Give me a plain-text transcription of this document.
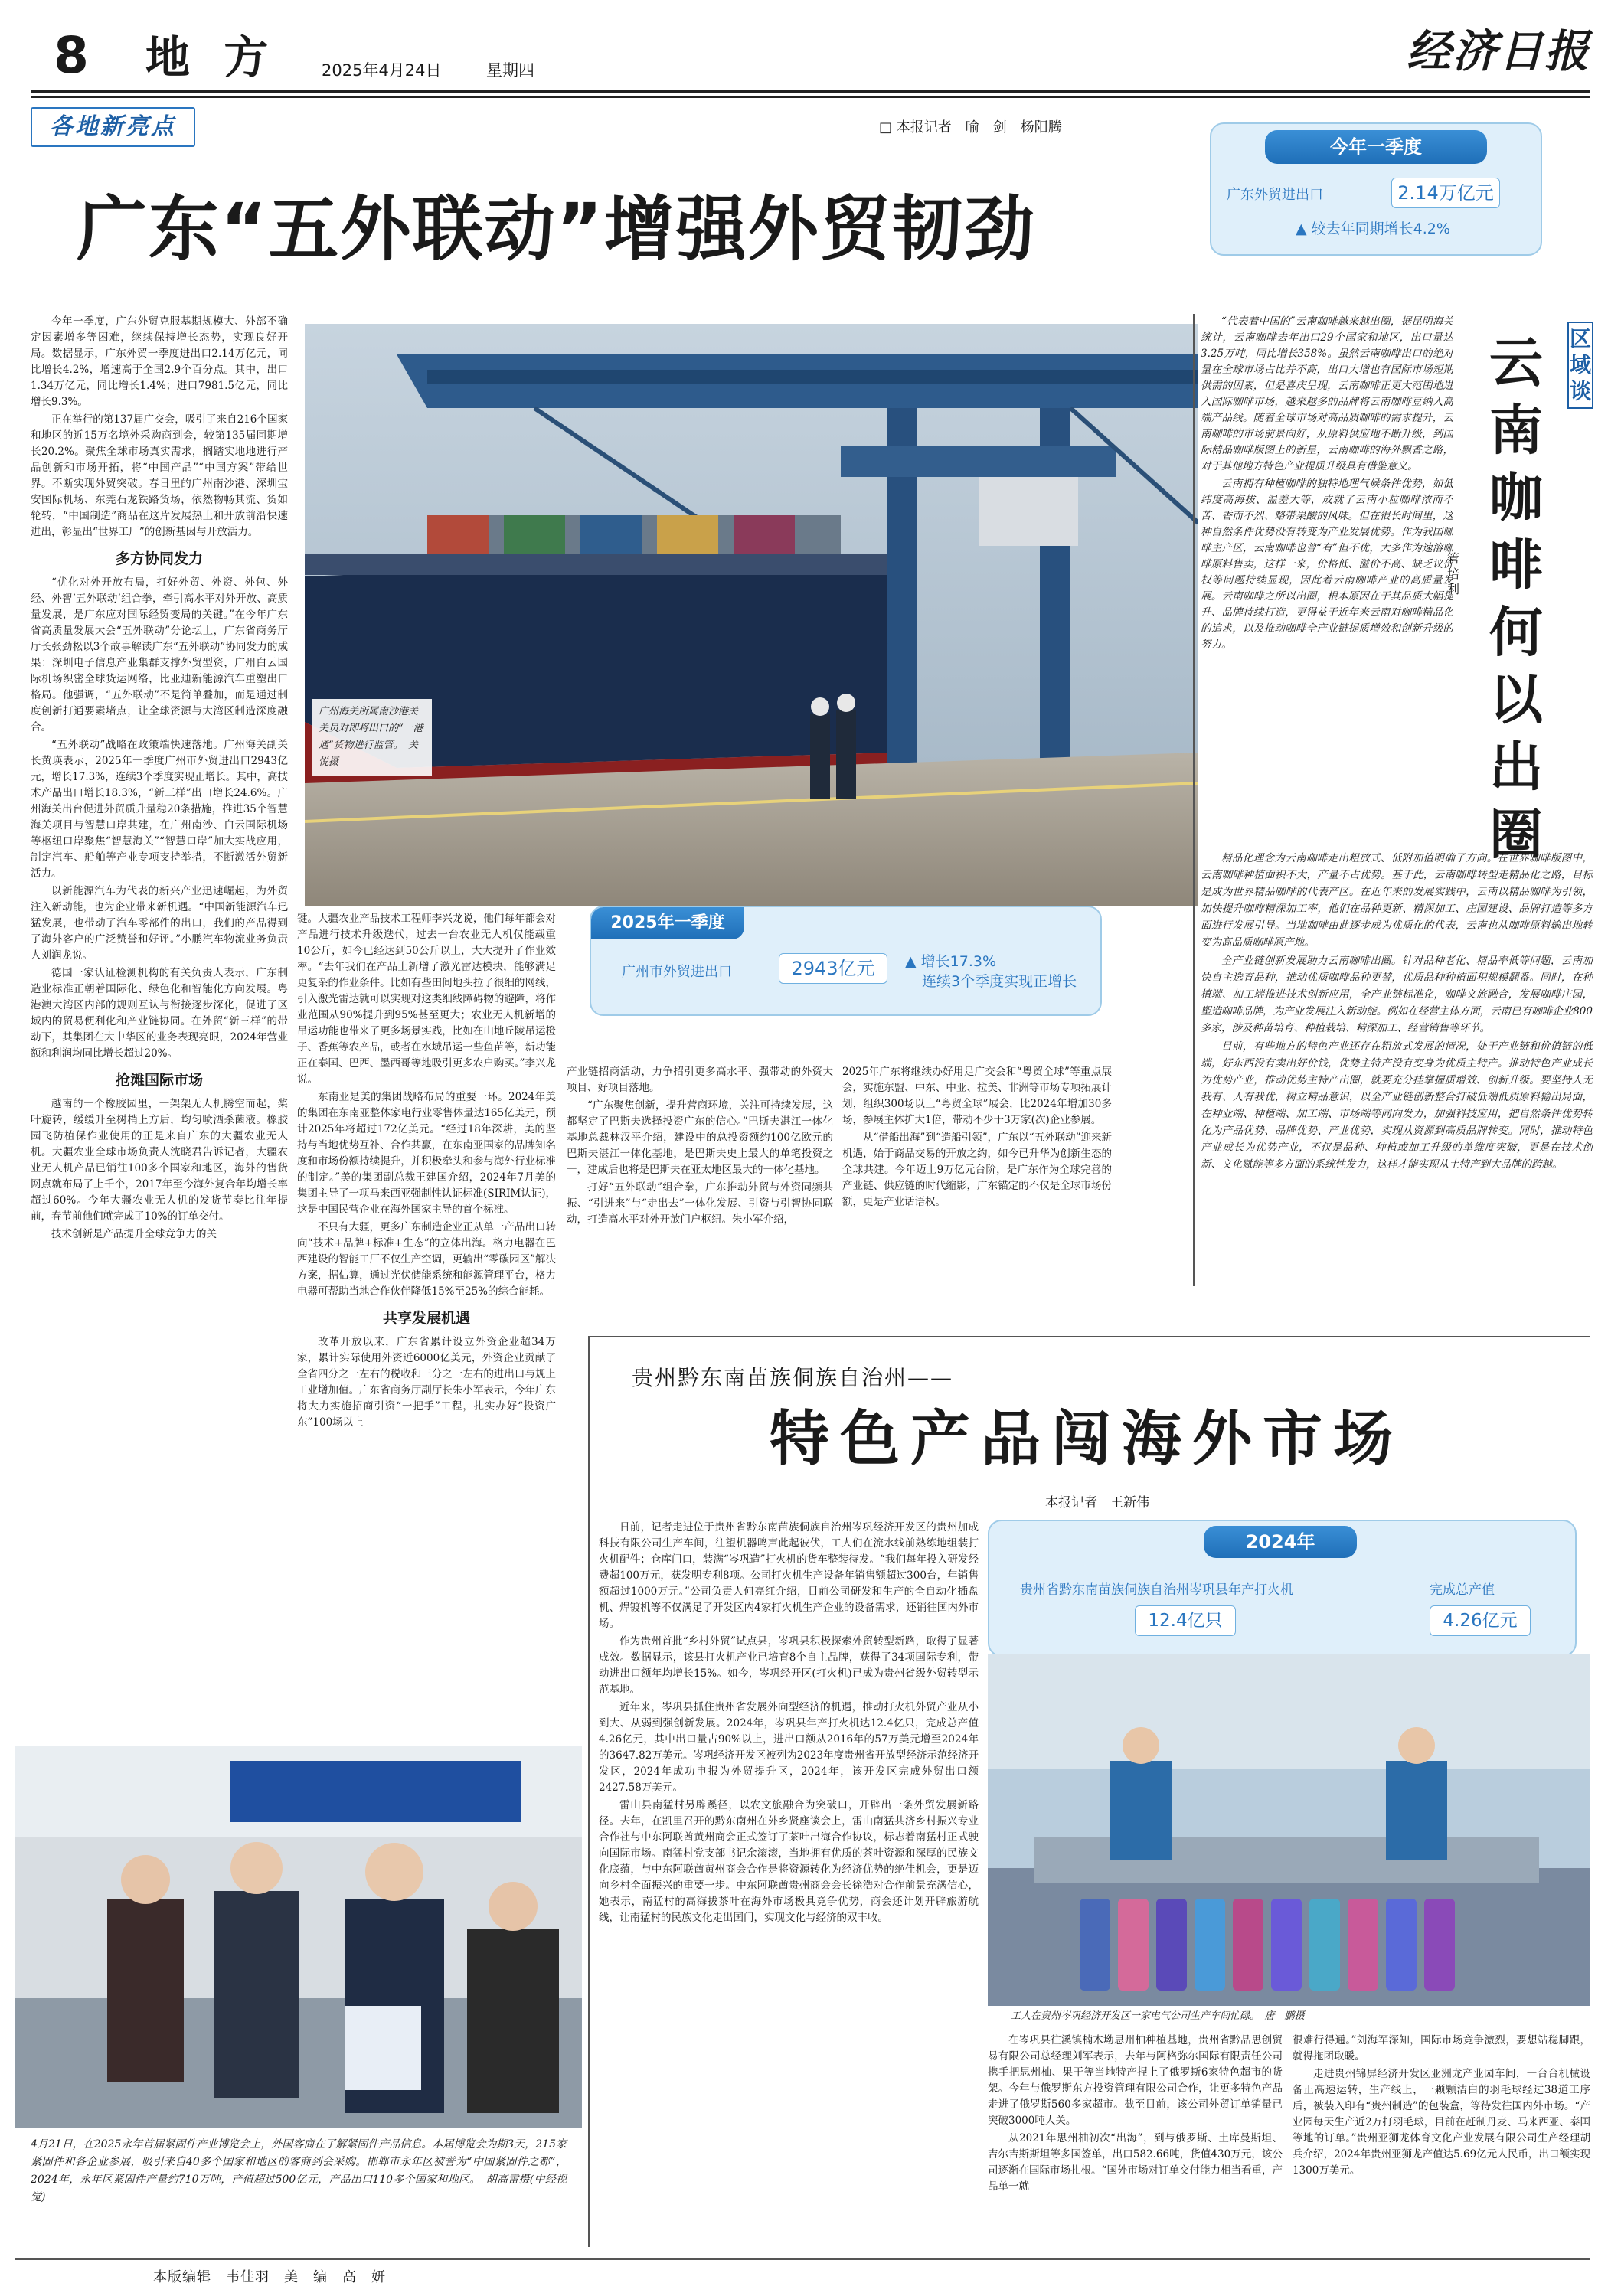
8 地 方	2025年4月24日	星期四	经济日报
各地新亮点	□ 本报记者　喻　剑　杨阳腾
广东“五外联动”增强外贸韧劲
今年一季度
广东外贸进出口	2.14万亿元
▲ 较去年同期增长4.2%
广州海关所属南沙港关关员对即将出口的“一港通”货物进行监管。　关　悦摄
2025年一季度
广州市外贸进出口	2943亿元	▲ 增长17.3%
连续3个季度实现正增长

今年一季度，广东外贸克服基期规模大、外部不确定因素增多等困难，继续保持增长态势，实现良好开局。数据显示，广东外贸一季度进出口2.14万亿元，同比增长4.2%，增速高于全国2.9个百分点。其中，出口1.34万亿元，同比增长1.4%；进口7981.5亿元，同比增长9.3%。

正在举行的第137届广交会，吸引了来自216个国家和地区的近15万名境外采购商到会，较第135届同期增长20.2%。聚焦全球市场真实需求，搁踏实地地进行产品创新和市场开拓，将“中国产品”“中国方案”带给世界。不断实现外贸突破。春日里的广州南沙港、深圳宝安国际机场、东莞石龙铁路货场，依然物畅其流、货如轮转，“中国制造”商品在这片发展热土和开放前沿快速进出，彰显出“世界工厂”的创新基因与开放活力。

多方协同发力

“优化对外开放布局，打好外贸、外资、外包、外经、外智‘五外联动’组合拳，牵引高水平对外开放、高质量发展，是广东应对国际经贸变局的关键。”在今年广东省高质量发展大会“五外联动”分论坛上，广东省商务厅厅长张劲松以3个故事解读广东“五外联动”协同发力的成果：深圳电子信息产业集群支撑外贸型资，广州白云国际机场织密全球货运网络，比亚迪新能源汽车重塑出口格局。他强调，“五外联动”不是简单叠加，而是通过制度创新打通要素堵点，让全球资源与大湾区制造深度融合。

“五外联动”战略在政策端快速落地。广州海关副关长黄瑛表示，2025年一季度广州市外贸进出口2943亿元，增长17.3%，连续3个季度实现正增长。其中，高技术产品出口增长18.3%，“新三样”出口增长24.6%。广州海关出台促进外贸质升量稳20条措施，推进35个智慧海关项目与智慧口岸共建，在广州南沙、白云国际机场等枢纽口岸聚焦“智慧海关”“智慧口岸”加大实战应用，制定汽车、船舶等产业专项支持举措，不断激活外贸新活力。

以新能源汽车为代表的新兴产业迅速崛起，为外贸注入新动能，也为企业带来新机遇。“中国新能源汽车迅猛发展，也带动了汽车零部件的出口，我们的产品得到了海外客户的广泛赞誉和好评。”小鹏汽车物流业务负责人刘润龙说。

德国一家认证检测机构的有关负责人表示，广东制造业标准正朝着国际化、绿色化和智能化方向发展。粤港澳大湾区内部的规则互认与衔接逐步深化，促进了区域内的贸易便利化和产业链协同。在外贸“新三样”的带动下，其集团在大中华区的业务表现亮眼，2024年营业额和利润均同比增长超过20%。

抢滩国际市场

越南的一个橡胶园里，一架架无人机腾空而起，桨叶旋转，缓缓升至树梢上方后，均匀喷洒杀菌液。橡胶园飞防植保作业使用的正是来自广东的大疆农业无人机。大疆农业全球市场负责人沈晓君告诉记者，大疆农业无人机产品已销往100多个国家和地区，海外的售货网点就布局了上千个，2017年至今海外复合年均增长率超过60%。今年大疆农业无人机的发货节奏比往年提前，春节前他们就完成了10%的订单交付。

技术创新是产品提升全球竞争力的关

键。大疆农业产品技术工程师李兴龙说，他们每年都会对产品进行技术升级迭代，过去一台农业无人机仅能载重10公斤，如今已经达到50公斤以上，大大提升了作业效率。“去年我们在产品上新增了激光雷达模块，能够满足更复杂的作业条件。比如有些田间地头拉了很细的网线，引入激光雷达就可以实现对这类细线障碍物的避障，将作业范围从90%提升到95%甚至更大；农业无人机新增的吊运功能也带来了更多场景实践，比如在山地丘陵吊运橙子、香蕉等农产品，或者在水域吊运一些鱼苗等，新功能正在泰国、巴西、墨西哥等地吸引更多农户购买。”李兴龙说。

东南亚是美的集团战略布局的重要一环。2024年美的集团在东南亚整体家电行业零售体量达165亿美元，预计2025年将超过172亿美元。“经过18年深耕，美的坚持与当地优势互补、合作共赢，在东南亚国家的品牌知名度和市场份额持续提升，并积极牵头和参与海外行业标准的制定。”美的集团副总裁王建国介绍，2024年7月美的集团主导了一项马来西亚强制性认证标准(SIRIM认证)，这是中国民营企业在海外国家主导的首个标准。

不只有大疆，更多广东制造企业正从单一产品出口转向“技术+品牌+标准+生态”的立体出海。格力电器在巴西建设的智能工厂不仅生产空调，更输出“零碳园区”解决方案，据估算，通过光伏储能系统和能源管理平台，格力电器可帮助当地合作伙伴降低15%至25%的综合能耗。

共享发展机遇

改革开放以来，广东省累计设立外资企业超34万家，累计实际使用外资近6000亿美元，外资企业贡献了全省四分之一左右的税收和三分之一左右的进出口与规上工业增加值。广东省商务厅副厅长朱小军表示，今年广东将大力实施招商引资“一把手”工程，扎实办好“投资广东”100场以上

产业链招商活动，力争招引更多高水平、强带动的外资大项目、好项目落地。

“广东聚焦创新，提升营商环境，关注可持续发展，这都坚定了巴斯夫选择投资广东的信心。”巴斯夫湛江一体化基地总裁林汉平介绍，建设中的总投资额约100亿欧元的巴斯夫湛江一体化基地，是巴斯夫史上最大的单笔投资之一，建成后也将是巴斯夫在亚太地区最大的一体化基地。

打好“五外联动”组合拳，广东推动外贸与外资同频共振、“引进来”与“走出去”一体化发展、引资与引智协同联动，打造高水平对外开放门户枢纽。朱小军介绍，

2025年广东将继续办好用足广交会和“粤贸全球”等重点展会，实施东盟、中东、中亚、拉美、非洲等市场专项拓展计划，组织300场以上“粤贸全球”展会，比2024年增加30多场，参展主体扩大1倍，带动不少于3万家(次)企业参展。

从“借船出海”到“造船引领”，广东以“五外联动”迎来新机遇，始于商品交易的开放之约，如今已升华为创新生态的全球共建。今年迈上9万亿元台阶，是广东作为全球完善的产业链、供应链的时代缩影，广东锚定的不仅是全球市场份额，更是产业话语权。

区域谈
云南咖啡何以出圈
管培利

“代表着中国的”云南咖啡越来越出圈，据昆明海关统计，云南咖啡去年出口29个国家和地区，出口量达3.25万吨，同比增长358%。虽然云南咖啡出口的绝对量在全球市场占比并不高，出口大增也有国际市场短期供需的因素，但是喜庆呈现，云南咖啡正更大范围地进入国际咖啡市场，越来越多的品牌将云南咖啡豆纳入高端产品线。随着全球市场对高品质咖啡的需求提升，云南咖啡的市场前景向好，从原料供应地不断升级，到国际精品咖啡版图上的新星，云南咖啡的海外飘香之路，对于其他地方特色产业提质升级具有借鉴意义。

云南拥有种植咖啡的独特地理气候条件优势，如低纬度高海拔、温差大等，成就了云南小粒咖啡浓而不苦、香而不烈、略带果酸的风味。但在很长时间里，这种自然条件优势没有转变为产业发展优势。作为我国咖啡主产区，云南咖啡也曾“有”但不优，大多作为速溶咖啡原料售卖，这样一来，价格低、溢价不高、缺乏议价权等问题持续显现，因此着云南咖啡产业的高质量发展。云南咖啡之所以出圈，根本原因在于其品质大幅提升、品牌持续打造，更得益于近年来云南对咖啡精品化的追求，以及推动咖啡全产业链提质增效和创新升级的努力。

精品化理念为云南咖啡走出粗放式、低附加值明确了方向。在世界咖啡版图中，云南咖啡种植面积不大，产量不占优势。基于此，云南咖啡转型走精品化之路，目标是成为世界精品咖啡的代表产区。在近年来的发展实践中，云南以精品咖啡为引领，加快提升咖啡精深加工率，他们在品种更新、精深加工、庄园建设、品牌打造等多方面进行发展引导。当地咖啡由此逐步成为优质化的代表，云南也从咖啡原料输出地转变为高品质咖啡原产地。

全产业链创新发展助力云南咖啡出圈。针对品种老化、精品率低等问题，云南加快自主选育品种，推动优质咖啡品种更替，优质品种种植面积规模翻番。同时，在种植端、加工端推进技术创新应用，全产业链标准化，咖啡文旅融合，发展咖啡庄园，塑造咖啡品牌，为产业发展注入新动能。例如在经营主体方面，云南已有咖啡企业800多家，涉及种苗培育、种植栽培、精深加工、经营销售等环节。

目前，有些地方的特色产业还存在粗放式发展的情况，处于产业链和价值链的低端，好东西没有卖出好价钱，优势主特产没有变身为优质主特产。推动特色产业成长为优势产业，推动优势主特产出圈，就要充分挂掌握质增效、创新升级。要坚持人无我有、人有我优，树立精品意识，以全产业链创新整合打破低端低质原料输出局面，在种业端、种植端、加工端、市场端等同向发力，加强科技应用，把自然条件优势转化为产品优势、品牌优势、产业优势，实现从资源到高质品牌转变。同时，推动特色产业成长为优势产业，不仅是品种、种植或加工升级的单维度突破，更是在技术创新、文化赋能等多方面的系统性发力，这样才能实现从土特产到大品牌的跨越。

贵州黔东南苗族侗族自治州——
特色产品闯海外市场
本报记者　王新伟
2024年
贵州省黔东南苗族侗族自治州岑巩县年产打火机
12.4亿只
完成总产值
4.26亿元
工人在贵州岑巩经济开发区一家电气公司生产车间忙碌。　唐　鹏摄

日前，记者走进位于贵州省黔东南苗族侗族自治州岑巩经济开发区的贵州加成科技有限公司生产车间，往望机器鸣声此起彼伏，工人们在流水线前熟练地组装打火机配件；仓库门口，装满“岑巩造”打火机的货车整装待发。“我们每年投入研发经费超100万元，获发明专利8项。公司打火机生产设备年销售额超过300台，年销售额超过1000万元。”公司负责人何亮红介绍，目前公司研发和生产的全自动化插盘机、焊镀机等不仅满足了开发区内4家打火机生产企业的设备需求，还销往国内外市场。

作为贵州首批“乡村外贸”试点县，岑巩县积极探索外贸转型新路，取得了显著成效。数据显示，该县打火机产业已培育8个自主品牌，获得了34项国际专利，带动进出口额年均增长15%。如今，岑巩经开区(打火机)已成为贵州省级外贸转型示范基地。

近年来，岑巩县抓住贵州省发展外向型经济的机遇，推动打火机外贸产业从小到大、从弱到强创新发展。2024年，岑巩县年产打火机达12.4亿只，完成总产值4.26亿元，其中出口量占90%以上，进出口额从2016年的57万美元增至2024年的3647.82万美元。岑巩经济开发区被列为2023年度贵州省开放型经济示范经济开发区，2024年成功申报为外贸提升区，2024年，该开发区完成外贸出口额2427.58万美元。

雷山县南猛村另辟蹊径，以农文旅融合为突破口，开辟出一条外贸发展新路径。去年，在凯里召开的黔东南州在外乡贤座谈会上，雷山南猛共济乡村振兴专业合作社与中东阿联酋黄州商会正式签订了茶叶出海合作协议，标志着南猛村正式驶向国际市场。南猛村党支部书记余滚滚，当地拥有优质的茶叶资源和深厚的民族文化底蕴，与中东阿联酋黄州商会合作是将资源转化为经济优势的绝佳机会，更是迈向乡村全面振兴的重要一步。中东阿联酋贵州商会会长徐浩对合作前景充满信心，她表示，南猛村的高海拔茶叶在海外市场极具竞争优势，商会还计划开辟旅游航线，让南猛村的民族文化走出国门，实现文化与经济的双丰收。

在岑巩县往溪镇楠木坳思州柚种植基地，贵州省黔品思创贸易有限公司总经理刘军表示，去年与阿格弥尔国际有限责任公司携手把思州柚、果干等当地特产捏上了俄罗斯6家特色超市的货架。今年与俄罗斯东方投资管理有限公司合作，让更多特色产品走进了俄罗斯560多家超市。截至目前，该公司外贸订单销量已突破3000吨大关。

从2021年思州柚初次“出海”，到与俄罗斯、土库曼斯坦、吉尔吉斯斯坦等多国签单，出口582.66吨，货值430万元，该公司逐渐在国际市场扎根。“国外市场对订单交付能力相当看重，产品单一就

很难行得通。”刘海军深知，国际市场竞争激烈，要想站稳脚跟，就得拖团取暖。

走进贵州锦屏经济开发区亚洲龙产业园车间，一台台机械设备正高速运转，生产线上，一颗颗洁白的羽毛球经过38道工序后，被装入印有“贵州制造”的包装盒，等待发往国内外市场。“产业园每天生产近2万打羽毛球，目前在赶制丹麦、马来西亚、泰国等地的订单。”贵州亚狮龙体育文化产业发展有限公司生产经理胡兵介绍，2024年贵州亚狮龙产值达5.69亿元人民币，出口额实现1300万美元。

4月21日，在2025永年首届紧固件产业博览会上，外国客商在了解紧固件产品信息。本届博览会为期3天，215家紧固件和各企业参展，吸引来自40多个国家和地区的客商到会采购。邯郸市永年区被誉为“中国紧固件之都”，2024年，永年区紧固件产量约710万吨，产值超过500亿元，产品出口110多个国家和地区。　胡高雷摄(中经视觉)
本版编辑　韦佳羽　美　编　高　妍
